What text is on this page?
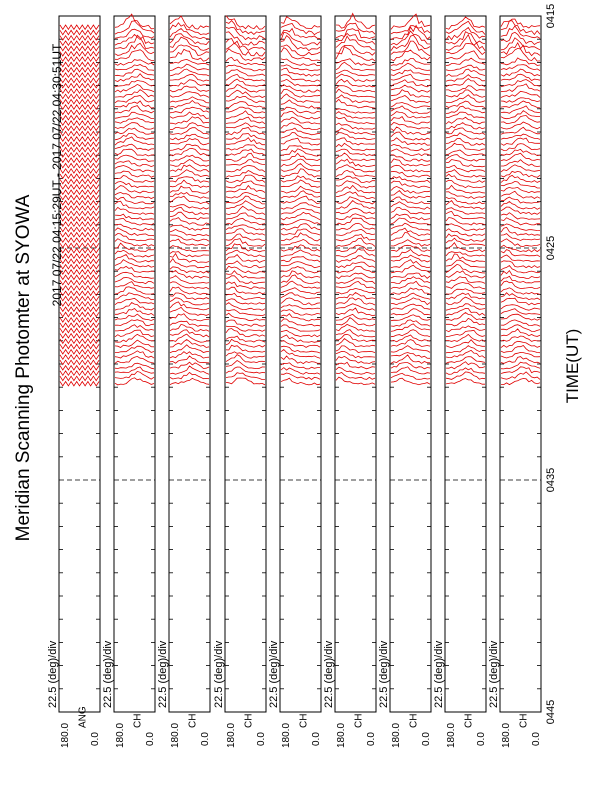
22.5 (deg)/div
180.0 0.0
ANG
22.5 (deg)/div
180.0 0.0
CH
22.5 (deg)/div
180.0 0.0
CH
22.5 (deg)/div
180.0 0.0
CH
22.5 (deg)/div
180.0 0.0
CH
22.5 (deg)/div
180.0 0.0
CH
22.5 (deg)/div
180.0 0.0
CH
22.5 (deg)/div
180.0 0.0
CH
22.5 (deg)/div
180.0 0.0
CH
0415
0425
0435
0445
Meridian Scanning Photomter at SYOWA
2017 07/22 04:15:29UT - 2017 07/22 04:30:51UT
TIME(UT)
